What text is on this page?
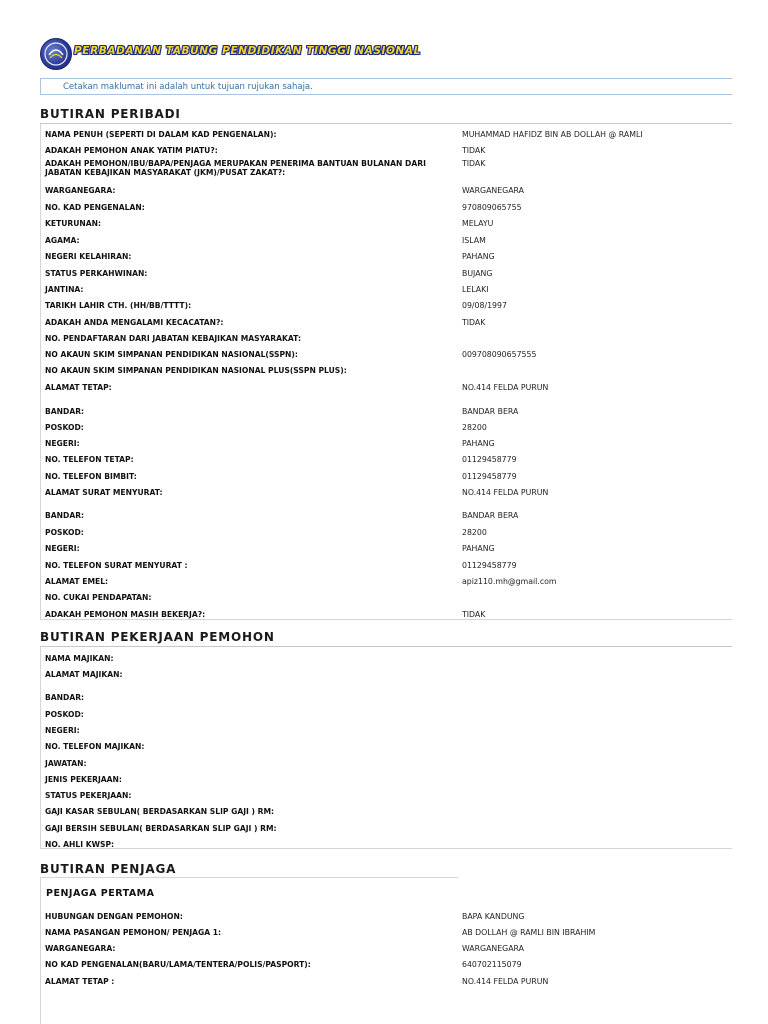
PERBADANAN TABUNG PENDIDIKAN TINGGI NASIONAL
Cetakan maklumat ini adalah untuk tujuan rujukan sahaja.
BUTIRAN PERIBADI
NAMA PENUH (SEPERTI DI DALAM KAD PENGENALAN):	MUHAMMAD HAFIDZ BIN AB DOLLAH @ RAMLI
ADAKAH PEMOHON ANAK YATIM PIATU?:	TIDAK
ADAKAH PEMOHON/IBU/BAPA/PENJAGA MERUPAKAN PENERIMA BANTUAN BULANAN DARI JABATAN KEBAJIKAN MASYARAKAT (JKM)/PUSAT ZAKAT?:
TIDAK
WARGANEGARA:	WARGANEGARA
NO. KAD PENGENALAN:	970809065755
KETURUNAN:	MELAYU
AGAMA:	ISLAM
NEGERI KELAHIRAN:	PAHANG
STATUS PERKAHWINAN:	BUJANG
JANTINA:	LELAKI
TARIKH LAHIR CTH. (HH/BB/TTTT):	09/08/1997
ADAKAH ANDA MENGALAMI KECACATAN?:	TIDAK
NO. PENDAFTARAN DARI JABATAN KEBAJIKAN MASYARAKAT:
NO AKAUN SKIM SIMPANAN PENDIDIKAN NASIONAL(SSPN):	009708090657555
NO AKAUN SKIM SIMPANAN PENDIDIKAN NASIONAL PLUS(SSPN PLUS):
ALAMAT TETAP:	NO.414 FELDA PURUN
BANDAR:	BANDAR BERA
POSKOD:	28200
NEGERI:	PAHANG
NO. TELEFON TETAP:	01129458779
NO. TELEFON BIMBIT:	01129458779
ALAMAT SURAT MENYURAT:	NO.414 FELDA PURUN
BANDAR:	BANDAR BERA
POSKOD:	28200
NEGERI:	PAHANG
NO. TELEFON SURAT MENYURAT :	01129458779
ALAMAT EMEL:	apiz110.mh@gmail.com
NO. CUKAI PENDAPATAN:
ADAKAH PEMOHON MASIH BEKERJA?:	TIDAK
BUTIRAN PEKERJAAN PEMOHON
NAMA MAJIKAN:
ALAMAT MAJIKAN:
BANDAR:
POSKOD:
NEGERI:
NO. TELEFON MAJIKAN:
JAWATAN:
JENIS PEKERJAAN:
STATUS PEKERJAAN:
GAJI KASAR SEBULAN( BERDASARKAN SLIP GAJI ) RM:
GAJI BERSIH SEBULAN( BERDASARKAN SLIP GAJI ) RM:
NO. AHLI KWSP:
BUTIRAN PENJAGA
PENJAGA PERTAMA
HUBUNGAN DENGAN PEMOHON:	BAPA KANDUNG
NAMA PASANGAN PEMOHON/ PENJAGA 1:	AB DOLLAH @ RAMLI BIN IBRAHIM
WARGANEGARA:	WARGANEGARA
NO KAD PENGENALAN(BARU/LAMA/TENTERA/POLIS/PASPORT):	640702115079
ALAMAT TETAP :	NO.414 FELDA PURUN
